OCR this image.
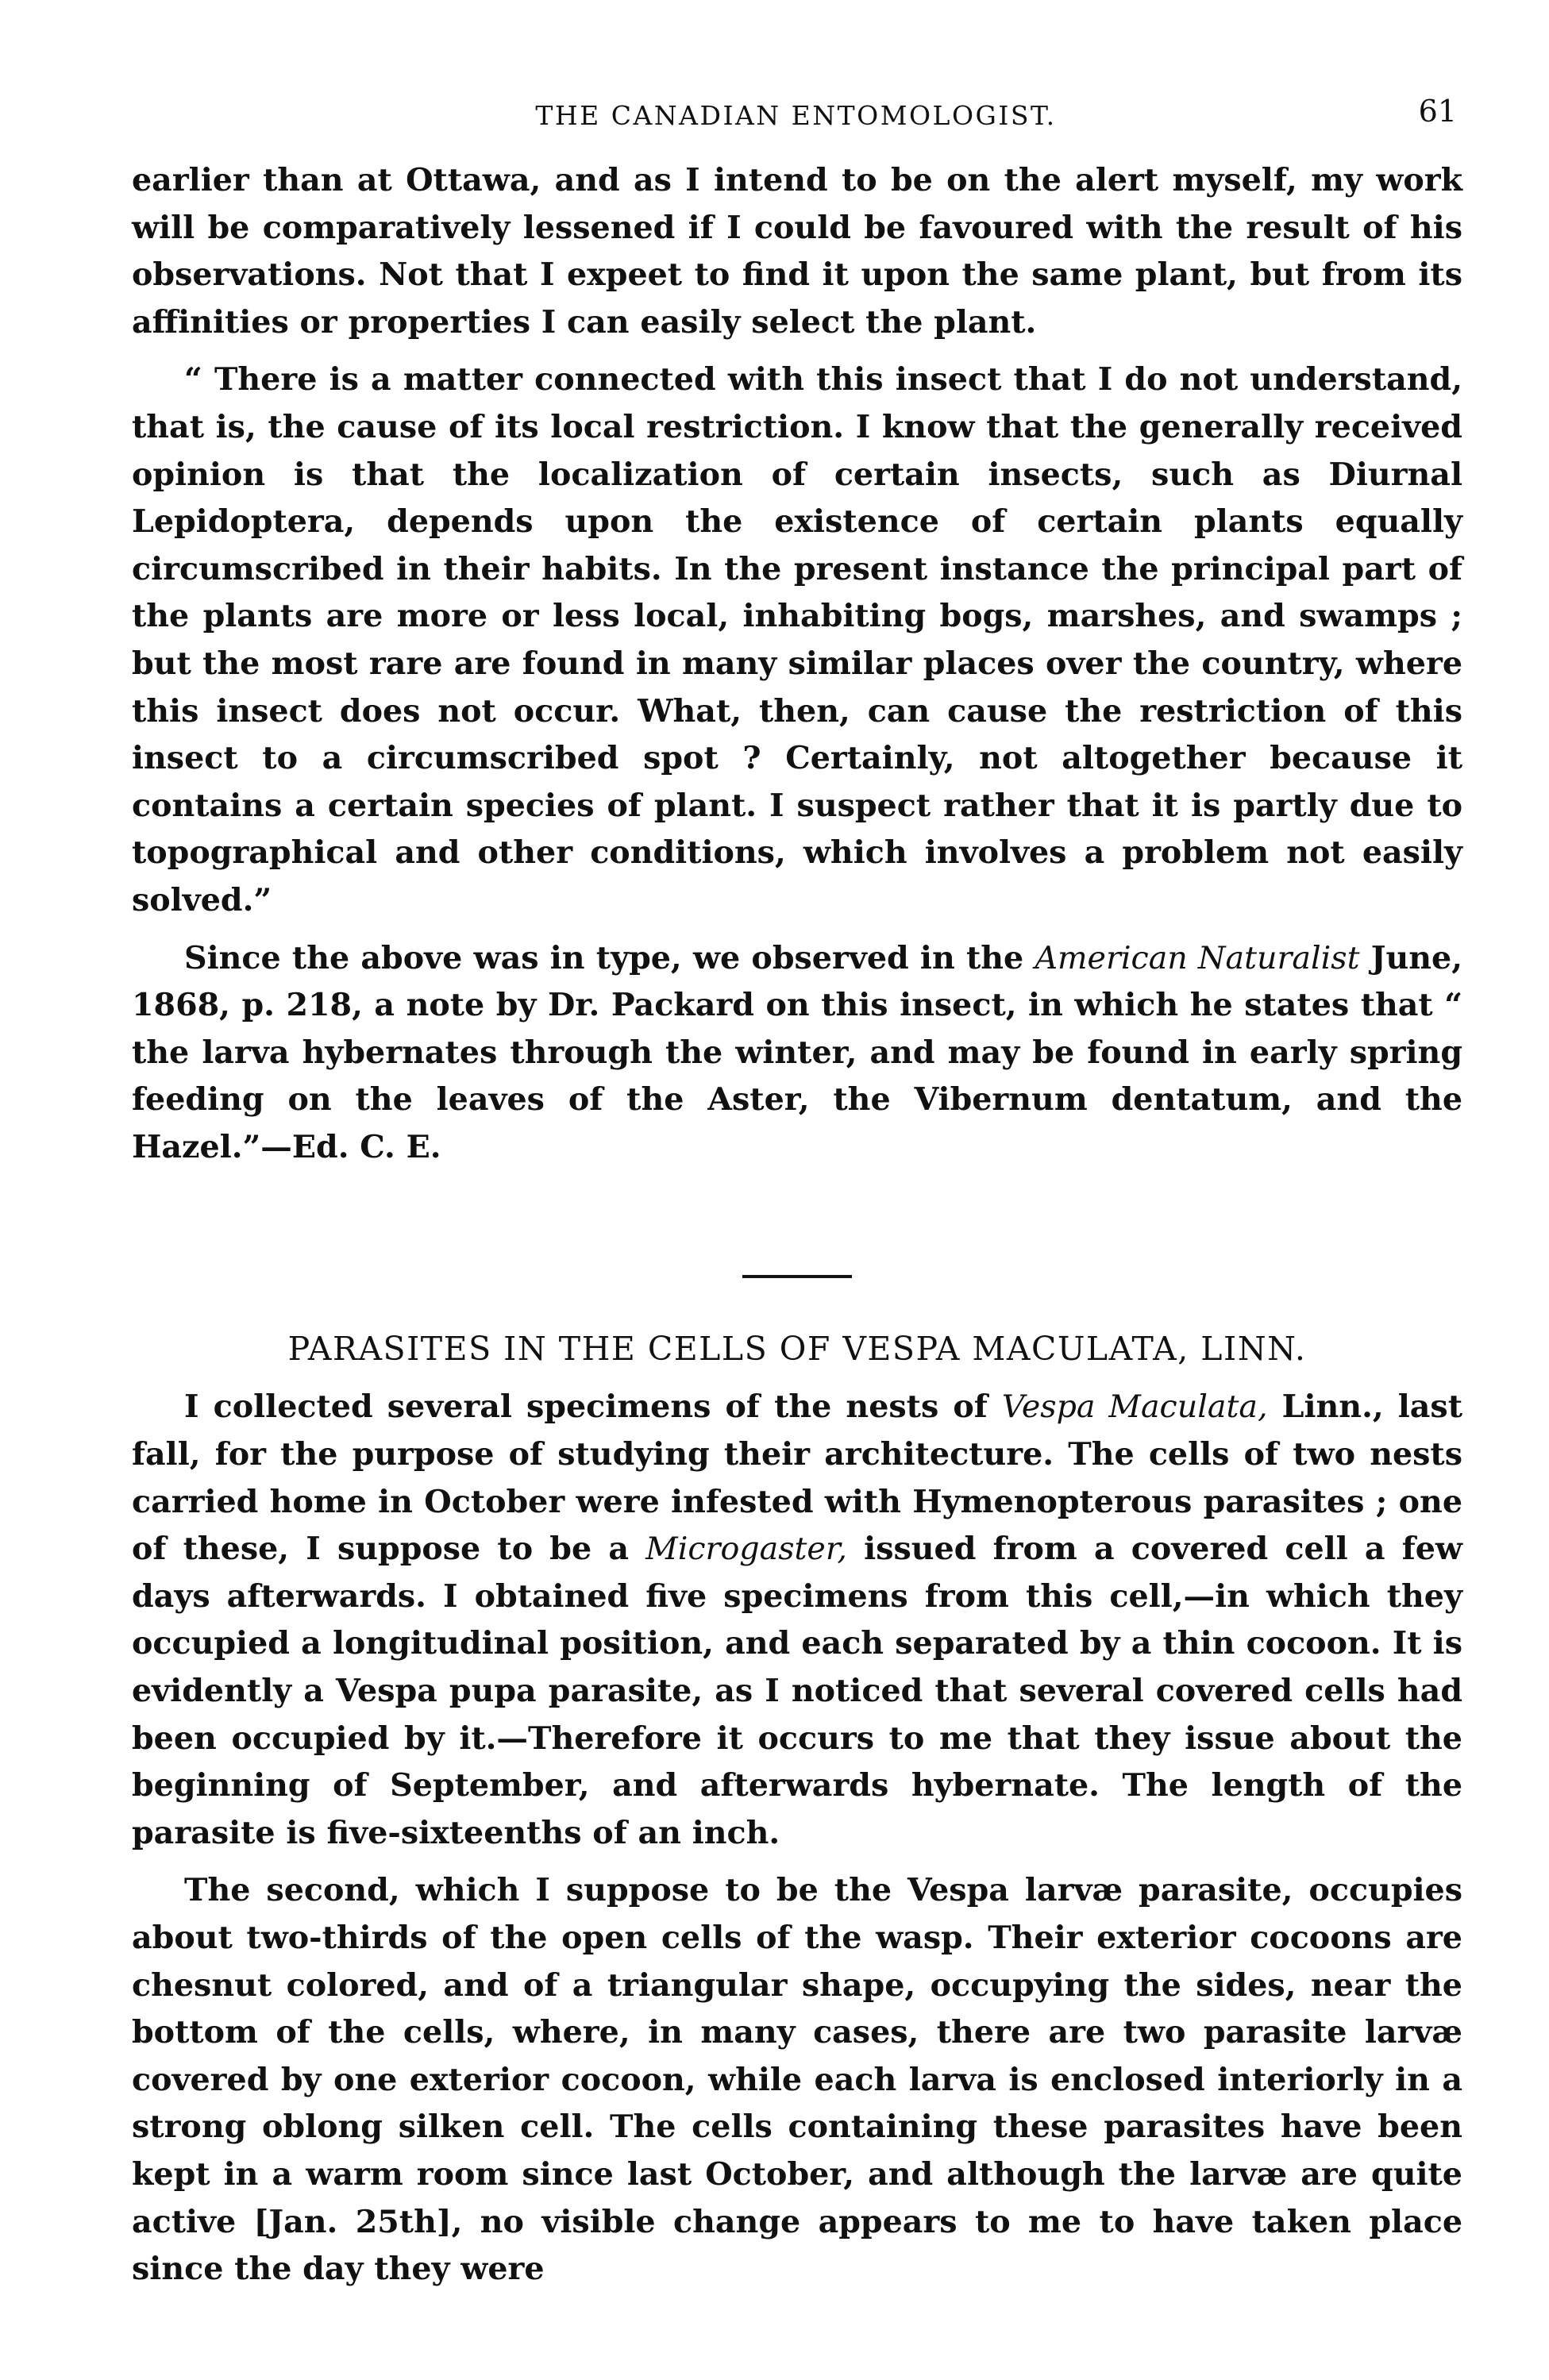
THE CANADIAN ENTOMOLOGIST.	61

earlier than at Ottawa, and as I intend to be on the alert myself, my work will be comparatively lessened if I could be favoured with the result of his observations. Not that I expeet to find it upon the same plant, but from its affinities or properties I can easily select the plant.

“ There is a matter connected with this insect that I do not understand, that is, the cause of its local restriction. I know that the generally received opinion is that the localization of certain insects, such as Diurnal Lepidoptera, depends upon the existence of certain plants equally circumscribed in their habits. In the present instance the principal part of the plants are more or less local, inhabiting bogs, marshes, and swamps ; but the most rare are found in many similar places over the country, where this insect does not occur. What, then, can cause the restriction of this insect to a circumscribed spot ? Certainly, not altogether because it contains a certain species of plant. I suspect rather that it is partly due to topographical and other conditions, which involves a problem not easily solved.”

Since the above was in type, we observed in the American Naturalist June, 1868, p. 218, a note by Dr. Packard on this insect, in which he states that “ the larva hybernates through the winter, and may be found in early spring feeding on the leaves of the Aster, the Vibernum dentatum, and the Hazel.”—Ed. C. E.

PARASITES IN THE CELLS OF VESPA MACULATA, LINN.

I collected several specimens of the nests of Vespa Maculata, Linn., last fall, for the purpose of studying their architecture. The cells of two nests carried home in October were infested with Hymenopterous parasites ; one of these, I suppose to be a Microgaster, issued from a covered cell a few days afterwards. I obtained five specimens from this cell,—in which they occupied a longitudinal position, and each separated by a thin cocoon. It is evidently a Vespa pupa parasite, as I noticed that several covered cells had been occupied by it.—Therefore it occurs to me that they issue about the beginning of September, and afterwards hybernate. The length of the parasite is five-sixteenths of an inch.

The second, which I suppose to be the Vespa larvæ parasite, occupies about two-thirds of the open cells of the wasp. Their exterior cocoons are chesnut colored, and of a triangular shape, occupying the sides, near the bottom of the cells, where, in many cases, there are two parasite larvæ covered by one exterior cocoon, while each larva is enclosed interiorly in a strong oblong silken cell. The cells containing these parasites have been kept in a warm room since last October, and although the larvæ are quite active [Jan. 25th], no visible change appears to me to have taken place since the day they were
